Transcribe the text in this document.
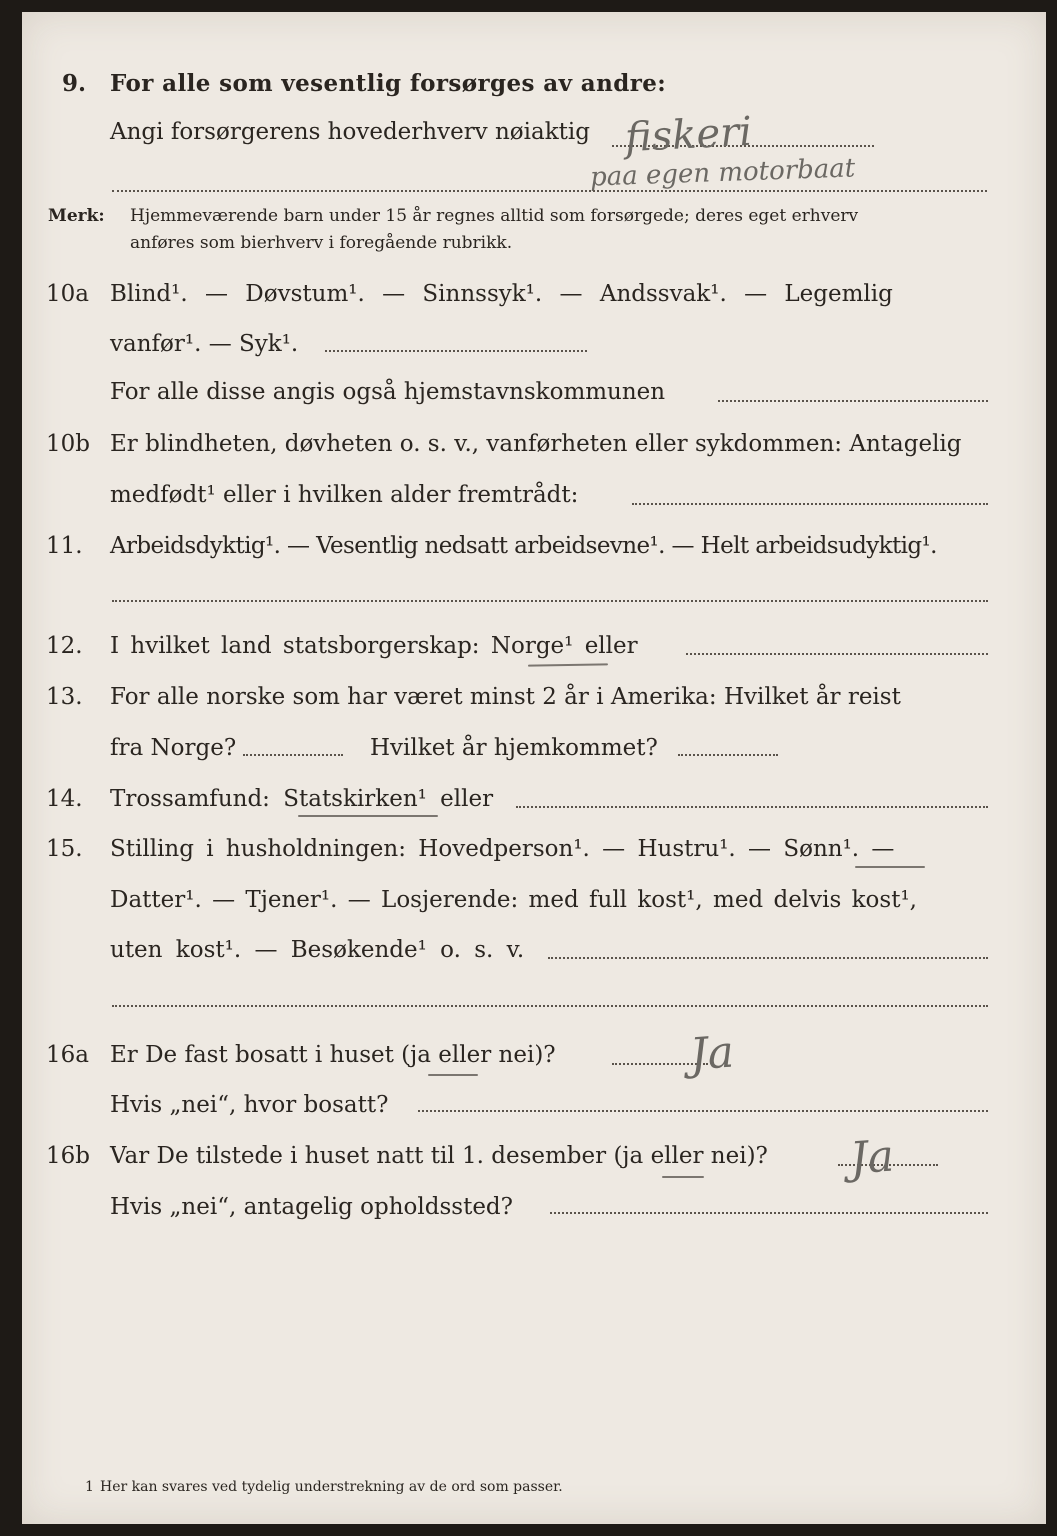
9. For alle som vesentlig forsørges av andre:
Angi forsørgerens hovederhverv nøiaktig fiskeri
paa egen motorbaat
Merk: Hjemmeværende barn under 15 år regnes alltid som forsørgede; deres eget erhverv
anføres som bierhverv i foregående rubrikk.
10a Blind¹. — Døvstum¹. — Sinnssyk¹. — Andssvak¹. — Legemlig
vanfør¹. — Syk¹.
For alle disse angis også hjemstavnskommunen
10b Er blindheten, døvheten o. s. v., vanførheten eller sykdommen: Antagelig
medfødt¹ eller i hvilken alder fremtrådt:
11. Arbeidsdyktig¹. — Vesentlig nedsatt arbeidsevne¹. — Helt arbeidsudyktig¹.
12. I hvilket land statsborgerskap: Norge¹ eller
13. For alle norske som har været minst 2 år i Amerika: Hvilket år reist
fra Norge?	Hvilket år hjemkommet?
14. Trossamfund: Statskirken¹ eller
15. Stilling i husholdningen: Hovedperson¹. — Hustru¹. — Sønn¹. —
Datter¹. — Tjener¹. — Losjerende: med full kost¹, med delvis kost¹,
uten kost¹. — Besøkende¹ o. s. v.
16a Er De fast bosatt i huset (ja eller nei)?	Ja
Hvis „nei“, hvor bosatt?
16b Var De tilstede i huset natt til 1. desember (ja eller nei)? Ja
Hvis „nei“, antagelig opholdssted?
1 Her kan svares ved tydelig understrekning av de ord som passer.
